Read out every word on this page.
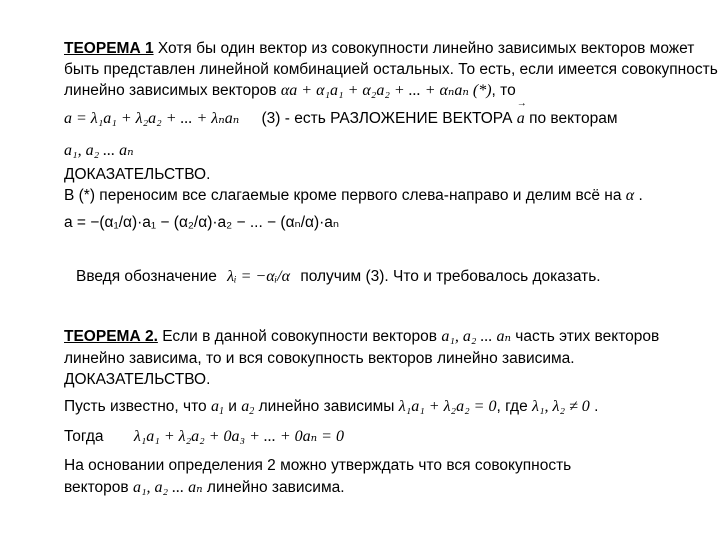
ТЕОРЕМА 1 Хотя бы один вектор из совокупности линейно зависимых векторов может
быть представлен линейной комбинацией остальных. То есть, если имеется совокупность
линейно зависимых векторов αa + α₁a₁ + α₂a₂ + ... + αₙaₙ (*), то
a = λ₁a₁ + λ₂a₂ + ... + λₙaₙ (3) - есть РАЗЛОЖЕНИЕ ВЕКТОРА → a по векторам
a₁, a₂ ... aₙ
ДОКАЗАТЕЛЬСТВО.
В (*) переносим все слагаемые кроме первого слева-направо и делим всё на α .
a = −(α₁/α)·a₁ − (α₂/α)·a₂ − ... − (αₙ/α)·aₙ
Введя обозначение λᵢ = −αᵢ/α получим (3). Что и требовалось доказать.
ТЕОРЕМА 2. Если в данной совокупности векторов a₁, a₂ ... aₙ часть этих векторов
линейно зависима, то и вся совокупность векторов линейно зависима.
ДОКАЗАТЕЛЬСТВО.
Пусть известно, что $a_1$ и $a_2$ линейно зависимы λ₁a₁ + λ₂a₂ = 0, где λ₁, λ₂ ≠ 0 .
Тогда λ₁a₁ + λ₂a₂ + 0a₃ + ... + 0aₙ = 0
На основании определения 2 можно утверждать что вся совокупность
векторов a₁, a₂ ... aₙ линейно зависима.
